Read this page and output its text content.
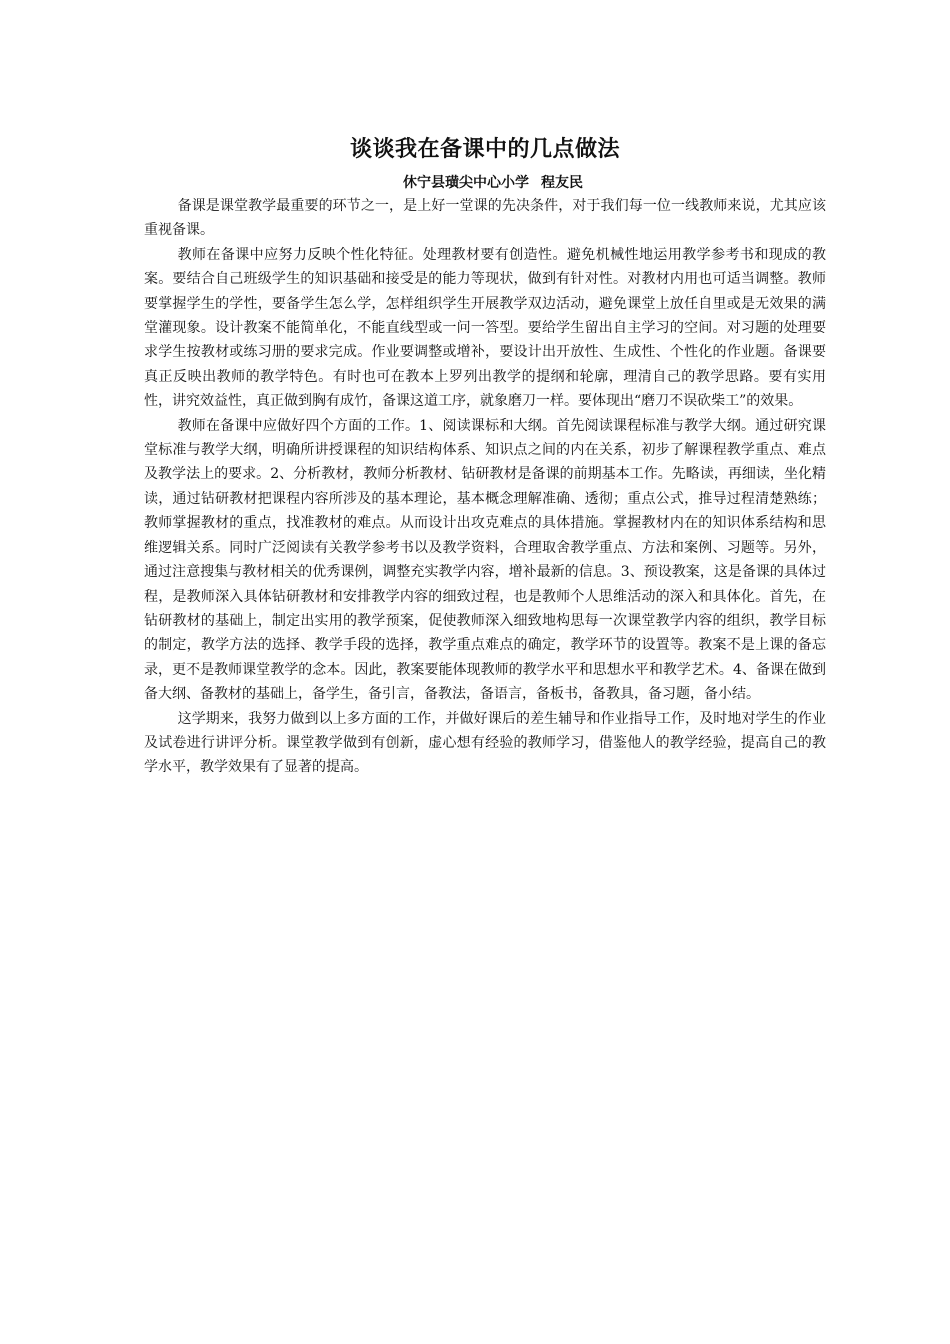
谈谈我在备课中的几点做法

休宁县璜尖中心小学 程友民

备课是课堂教学最重要的环节之一，是上好一堂课的先决条件，对于我们每一位一线教师来说，尤其应该重视备课。

教师在备课中应努力反映个性化特征。处理教材要有创造性。避免机械性地运用教学参考书和现成的教案。要结合自己班级学生的知识基础和接受是的能力等现状，做到有针对性。对教材内用也可适当调整。教师要掌握学生的学性，要备学生怎么学，怎样组织学生开展教学双边活动，避免课堂上放任自里或是无效果的满堂灌现象。设计教案不能简单化，不能直线型或一问一答型。要给学生留出自主学习的空间。对习题的处理要求学生按教材或练习册的要求完成。作业要调整或增补，要设计出开放性、生成性、个性化的作业题。备课要真正反映出教师的教学特色。有时也可在教本上罗列出教学的提纲和轮廓，理清自己的教学思路。要有实用性，讲究效益性，真正做到胸有成竹，备课这道工序，就象磨刀一样。要体现出“磨刀不误砍柴工”的效果。

教师在备课中应做好四个方面的工作。1、阅读课标和大纲。首先阅读课程标准与教学大纲。通过研究课堂标准与教学大纲，明确所讲授课程的知识结构体系、知识点之间的内在关系，初步了解课程教学重点、难点及教学法上的要求。2、分析教材，教师分析教材、钻研教材是备课的前期基本工作。先略读，再细读，坐化精读，通过钻研教材把课程内容所涉及的基本理论，基本概念理解准确、透彻；重点公式，推导过程清楚熟练；教师掌握教材的重点，找准教材的难点。从而设计出攻克难点的具体措施。掌握教材内在的知识体系结构和思维逻辑关系。同时广泛阅读有关教学参考书以及教学资料，合理取舍教学重点、方法和案例、习题等。另外，通过注意搜集与教材相关的优秀课例，调整充实教学内容，增补最新的信息。3、预设教案，这是备课的具体过程，是教师深入具体钻研教材和安排教学内容的细致过程，也是教师个人思维活动的深入和具体化。首先，在钻研教材的基础上，制定出实用的教学预案，促使教师深入细致地构思每一次课堂教学内容的组织，教学目标的制定，教学方法的选择、教学手段的选择，教学重点难点的确定，教学环节的设置等。教案不是上课的备忘录，更不是教师课堂教学的念本。因此，教案要能体现教师的教学水平和思想水平和教学艺术。4、备课在做到备大纲、备教材的基础上，备学生，备引言，备教法，备语言，备板书，备教具，备习题，备小结。

这学期来，我努力做到以上多方面的工作，并做好课后的差生辅导和作业指导工作，及时地对学生的作业及试卷进行讲评分析。课堂教学做到有创新，虚心想有经验的教师学习，借鉴他人的教学经验，提高自己的教学水平，教学效果有了显著的提高。
